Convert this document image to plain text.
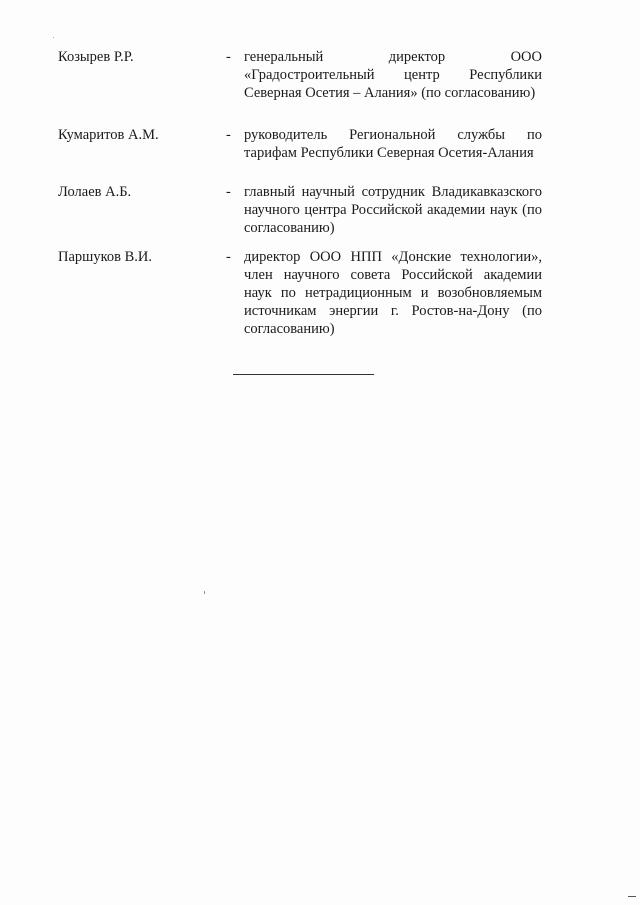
Козырев Р.Р.	- генеральный директор ООО «Градостроительный центр Республики Северная Осетия – Алания» (по согласованию)
Кумаритов А.М.	- руководитель Региональной службы по тарифам Республики Северная Осетия-Алания
Лолаев А.Б.	- главный научный сотрудник Владикавказского научного центра Российской академии наук (по согласованию)
Паршуков В.И.	- директор ООО НПП «Донские технологии», член научного совета Российской академии наук по нетрадиционным и возобновляемым источникам энергии г. Ростов-на-Дону (по согласованию)
